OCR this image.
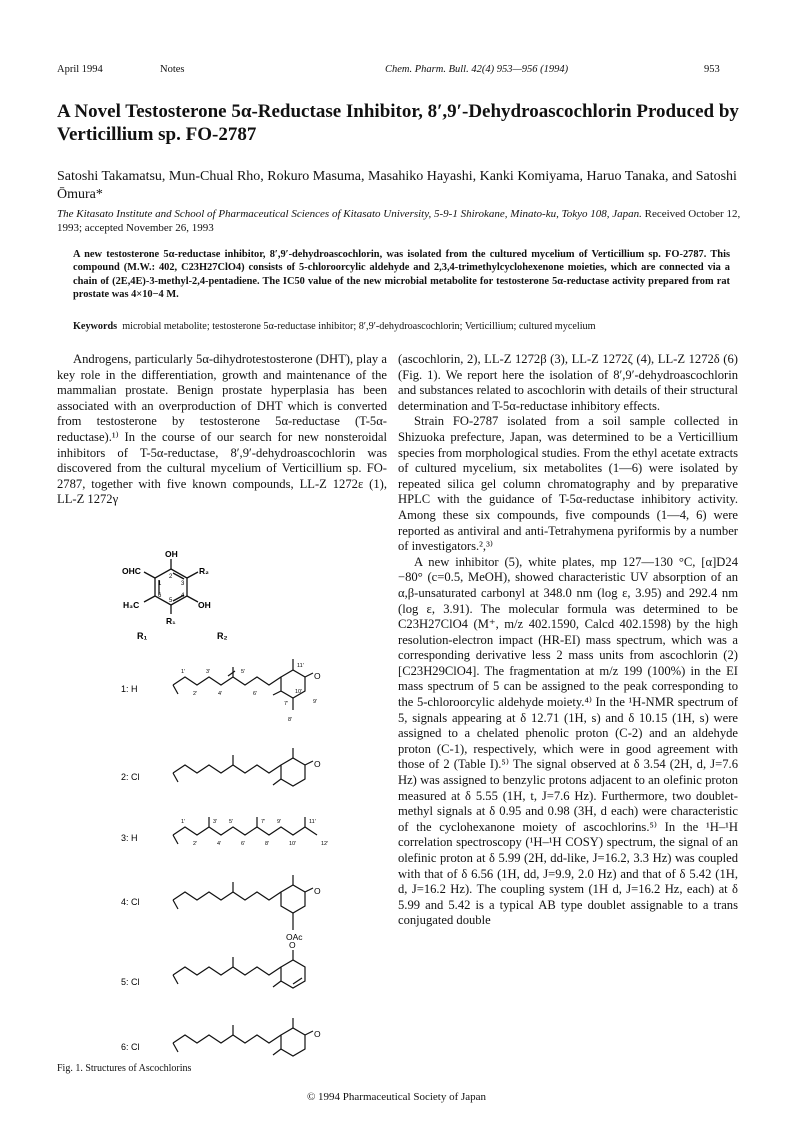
April 1994	Notes	Chem. Pharm. Bull. 42(4) 953—956 (1994)	953
A Novel Testosterone 5α-Reductase Inhibitor, 8′,9′-Dehydroascochlorin Produced by Verticillium sp. FO-2787
Satoshi Takamatsu, Mun-Chual Rho, Rokuro Masuma, Masahiko Hayashi, Kanki Komiyama, Haruo Tanaka, and Satoshi Ōmura*
The Kitasato Institute and School of Pharmaceutical Sciences of Kitasato University, 5-9-1 Shirokane, Minato-ku, Tokyo 108, Japan. Received October 12, 1993; accepted November 26, 1993
A new testosterone 5α-reductase inhibitor, 8′,9′-dehydroascochlorin, was isolated from the cultured mycelium of Verticillium sp. FO-2787. This compound (M.W.: 402, C23H27ClO4) consists of 5-chloroorcylic aldehyde and 2,3,4-trimethylcyclohexenone moieties, which are connected via a chain of (2E,4E)-3-methyl-2,4-pentadiene. The IC50 value of the new microbial metabolite for testosterone 5α-reductase activity prepared from rat prostate was 4×10−4 M.
Keywords microbial metabolite; testosterone 5α-reductase inhibitor; 8′,9′-dehydroascochlorin; Verticillium; cultured mycelium

Androgens, particularly 5α-dihydrotestosterone (DHT), play a key role in the differentiation, growth and maintenance of the mammalian prostate. Benign prostate hyperplasia has been associated with an overproduction of DHT which is converted from testosterone by testosterone 5α-reductase (T-5α-reductase).¹⁾ In the course of our search for new nonsteroidal inhibitors of T-5α-reductase, 8′,9′-dehydroascochlorin was discovered from the cultural mycelium of Verticillium sp. FO-2787, together with five known compounds, LL-Z 1272ε (1), LL-Z 1272γ

OH
OHC	R₂
H₃C	OH
R₁
2
1	3
4
5
6
R₁	R₂
1: H
2: Cl
3: H
4: Cl
5: Cl
6: Cl
O
O
O
OAc
O
O
1′
2′
3′
4′
5′
6′
7′
8′
9′
10′
11′
1′
2′
3′
4′
5′
6′
7′
8′
9′
10′
11′
12′
Fig. 1. Structures of Ascochlorins

(ascochlorin, 2), LL-Z 1272β (3), LL-Z 1272ζ (4), LL-Z 1272δ (6) (Fig. 1). We report here the isolation of 8′,9′-dehydroascochlorin and substances related to ascochlorin with details of their structural determination and T-5α-reductase inhibitory effects.

Strain FO-2787 isolated from a soil sample collected in Shizuoka prefecture, Japan, was determined to be a Verticillium species from morphological studies. From the ethyl acetate extracts of cultured mycelium, six metabolites (1—6) were isolated by repeated silica gel column chromatography and by preparative HPLC with the guidance of T-5α-reductase inhibitory activity. Among these six compounds, five compounds (1—4, 6) were reported as antiviral and anti-Tetrahymena pyriformis by a number of investigators.²,³⁾

A new inhibitor (5), white plates, mp 127—130 °C, [α]D24 −80° (c=0.5, MeOH), showed characteristic UV absorption of an α,β-unsaturated carbonyl at 348.0 nm (log ε, 3.95) and 292.4 nm (log ε, 3.91). The molecular formula was determined to be C23H27ClO4 (M⁺, m/z 402.1590, Calcd 402.1598) by the high resolution-electron impact (HR-EI) mass spectrum, which was a corresponding derivative less 2 mass units from ascochlorin (2) [C23H29ClO4]. The fragmentation at m/z 199 (100%) in the EI mass spectrum of 5 can be assigned to the peak corresponding to the 5-chloroorcylic aldehyde moiety.⁴⁾ In the ¹H-NMR spectrum of 5, signals appearing at δ 12.71 (1H, s) and δ 10.15 (1H, s) were assigned to a chelated phenolic proton (C-2) and an aldehyde proton (C-1), respectively, which were in good agreement with those of 2 (Table I).⁵⁾ The signal observed at δ 3.54 (2H, d, J=7.6 Hz) was assigned to benzylic protons adjacent to an olefinic proton measured at δ 5.55 (1H, t, J=7.6 Hz). Furthermore, two doublet-methyl signals at δ 0.95 and 0.98 (3H, d each) were characteristic of the cyclohexanone moiety of ascochlorins.⁵⁾ In the ¹H–¹H correlation spectroscopy (¹H–¹H COSY) spectrum, the signal of an olefinic proton at δ 5.99 (2H, dd-like, J=16.2, 3.3 Hz) was coupled with that of δ 6.56 (1H, dd, J=9.9, 2.0 Hz) and that of δ 5.42 (1H, d, J=16.2 Hz). The coupling system (1H d, J=16.2 Hz, each) at δ 5.99 and 5.42 is a typical AB type doublet assignable to a trans conjugated double

© 1994 Pharmaceutical Society of Japan
